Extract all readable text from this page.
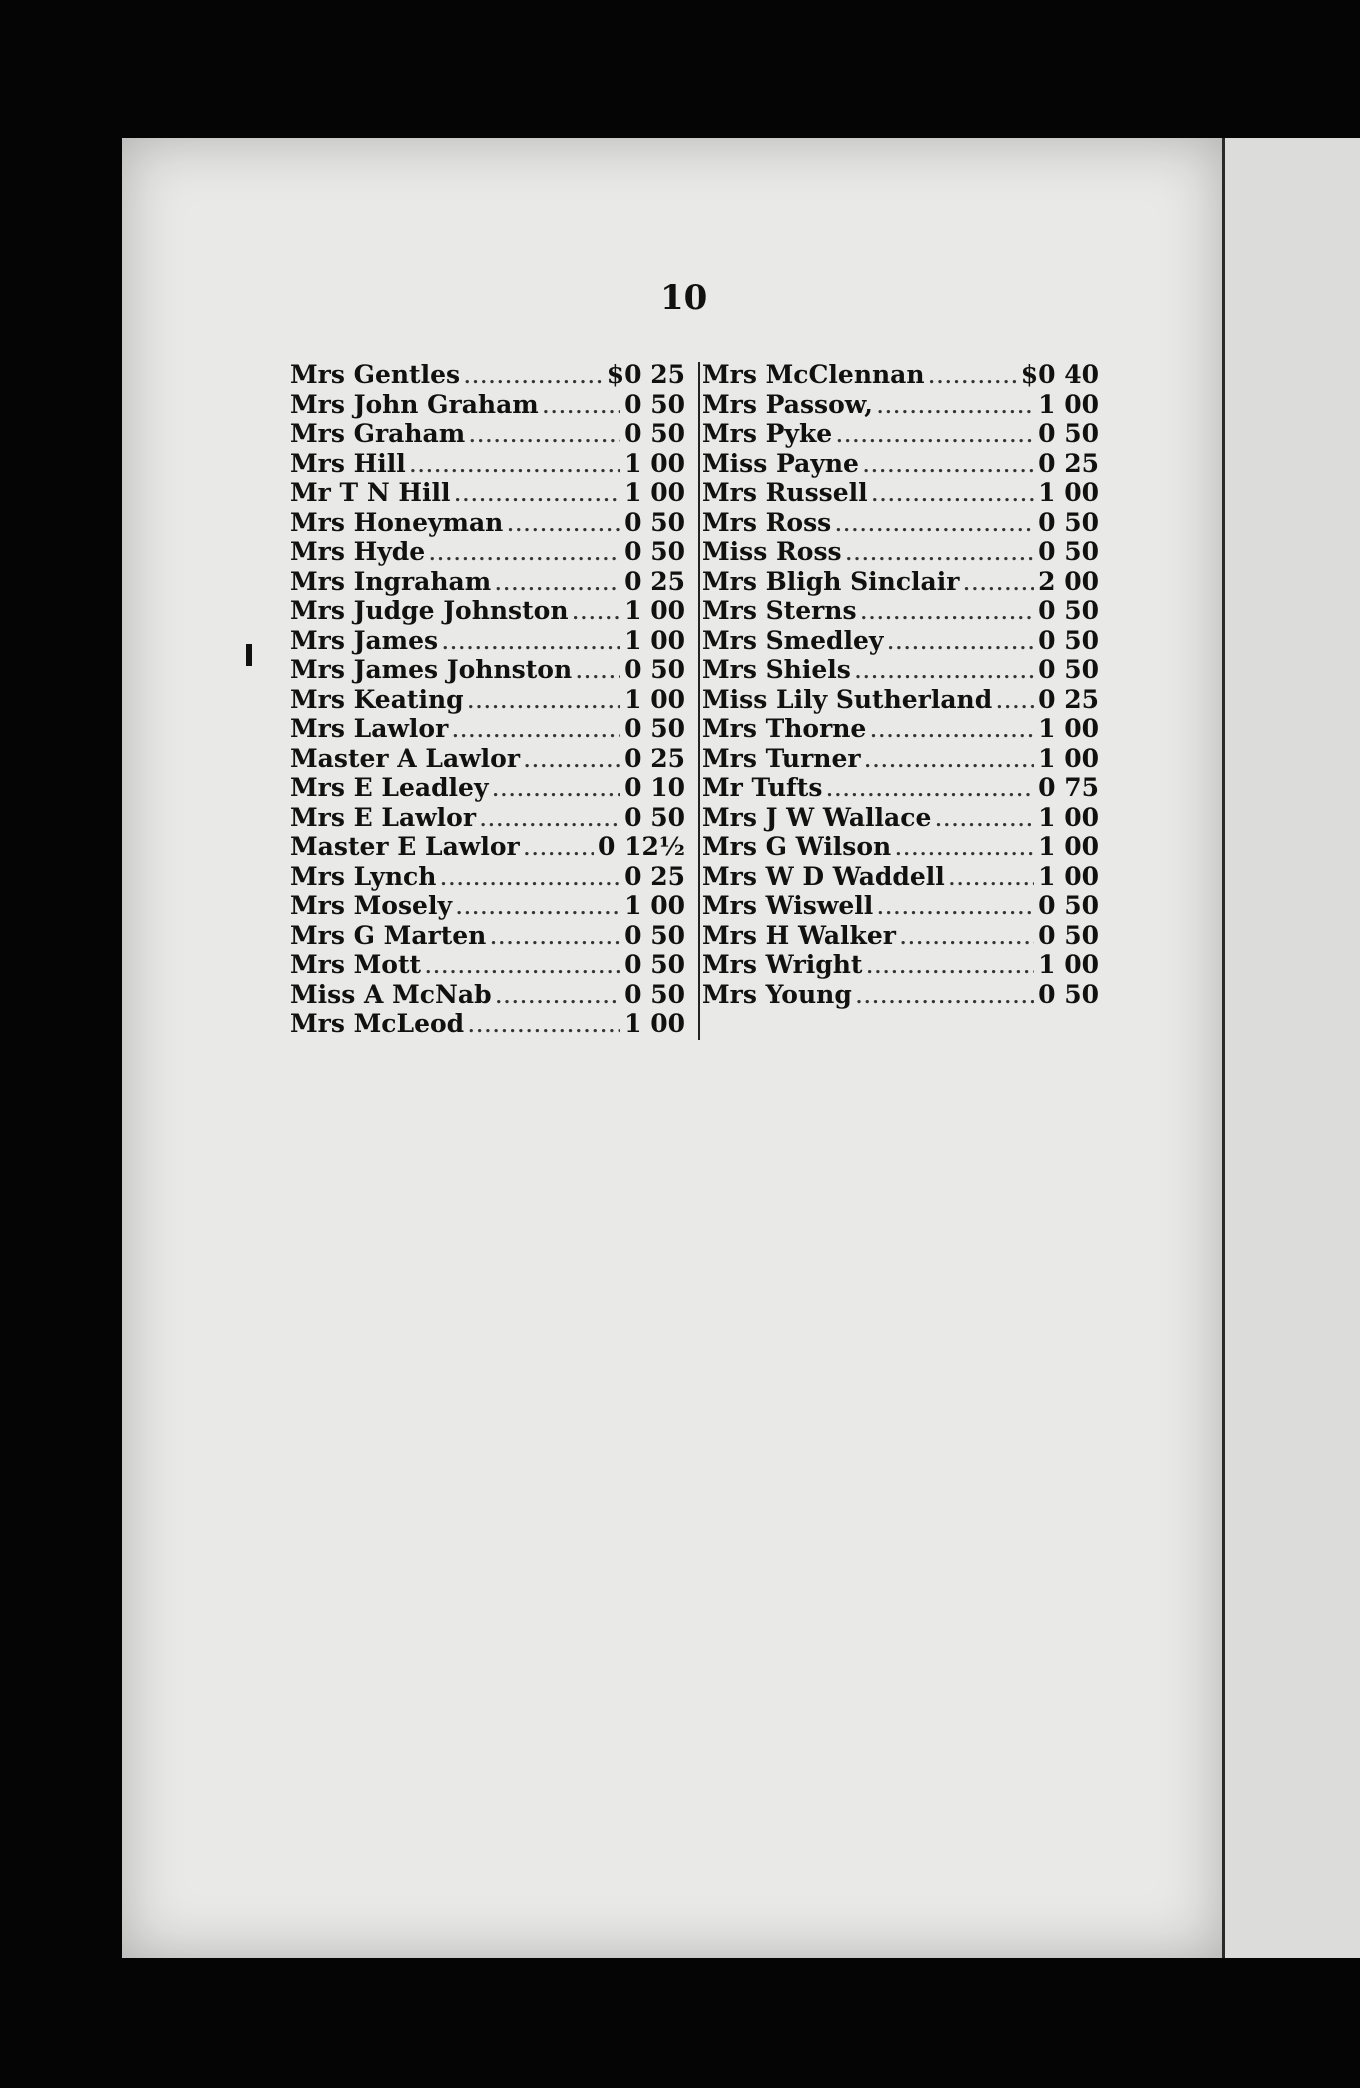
10
Mrs Gentles .....	$0 25
Mrs John Graham .....	0 50
Mrs Graham .....	0 50
Mrs Hill .....	1 00
Mr T N Hill .....	1 00
Mrs Honeyman .....	0 50
Mrs Hyde .....	0 50
Mrs Ingraham .....	0 25
Mrs Judge Johnston ..... 1 00
Mrs James .....	1 00
Mrs James Johnston ..... 0 50
Mrs Keating .....	1 00
Mrs Lawlor .....	0 50
Master A Lawlor .....	0 25
Mrs E Leadley .....	0 10
Mrs E Lawlor .....	0 50
Master E Lawlor .....	0 12½
Mrs Lynch .....	0 25
Mrs Mosely .....	1 00
Mrs G Marten .....	0 50
Mrs Mott .....	0 50
Miss A McNab .....	0 50
Mrs McLeod .....	1 00
Mrs McClennan .....	$0 40
Mrs Passow, .....	1 00
Mrs Pyke .....	0 50
Miss Payne .....	0 25
Mrs Russell .....	1 00
Mrs Ross .....	0 50
Miss Ross .....	0 50
Mrs Bligh Sinclair .....	2 00
Mrs Sterns .....	0 50
Mrs Smedley .....	0 50
Mrs Shiels .....	0 50
Miss Lily Sutherland ..... 0 25
Mrs Thorne .....	1 00
Mrs Turner .....	1 00
Mr Tufts .....	0 75
Mrs J W Wallace .....	1 00
Mrs G Wilson .....	1 00
Mrs W D Waddell .....	1 00
Mrs Wiswell .....	0 50
Mrs H Walker .....	0 50
Mrs Wright .....	1 00
Mrs Young .....	0 50
